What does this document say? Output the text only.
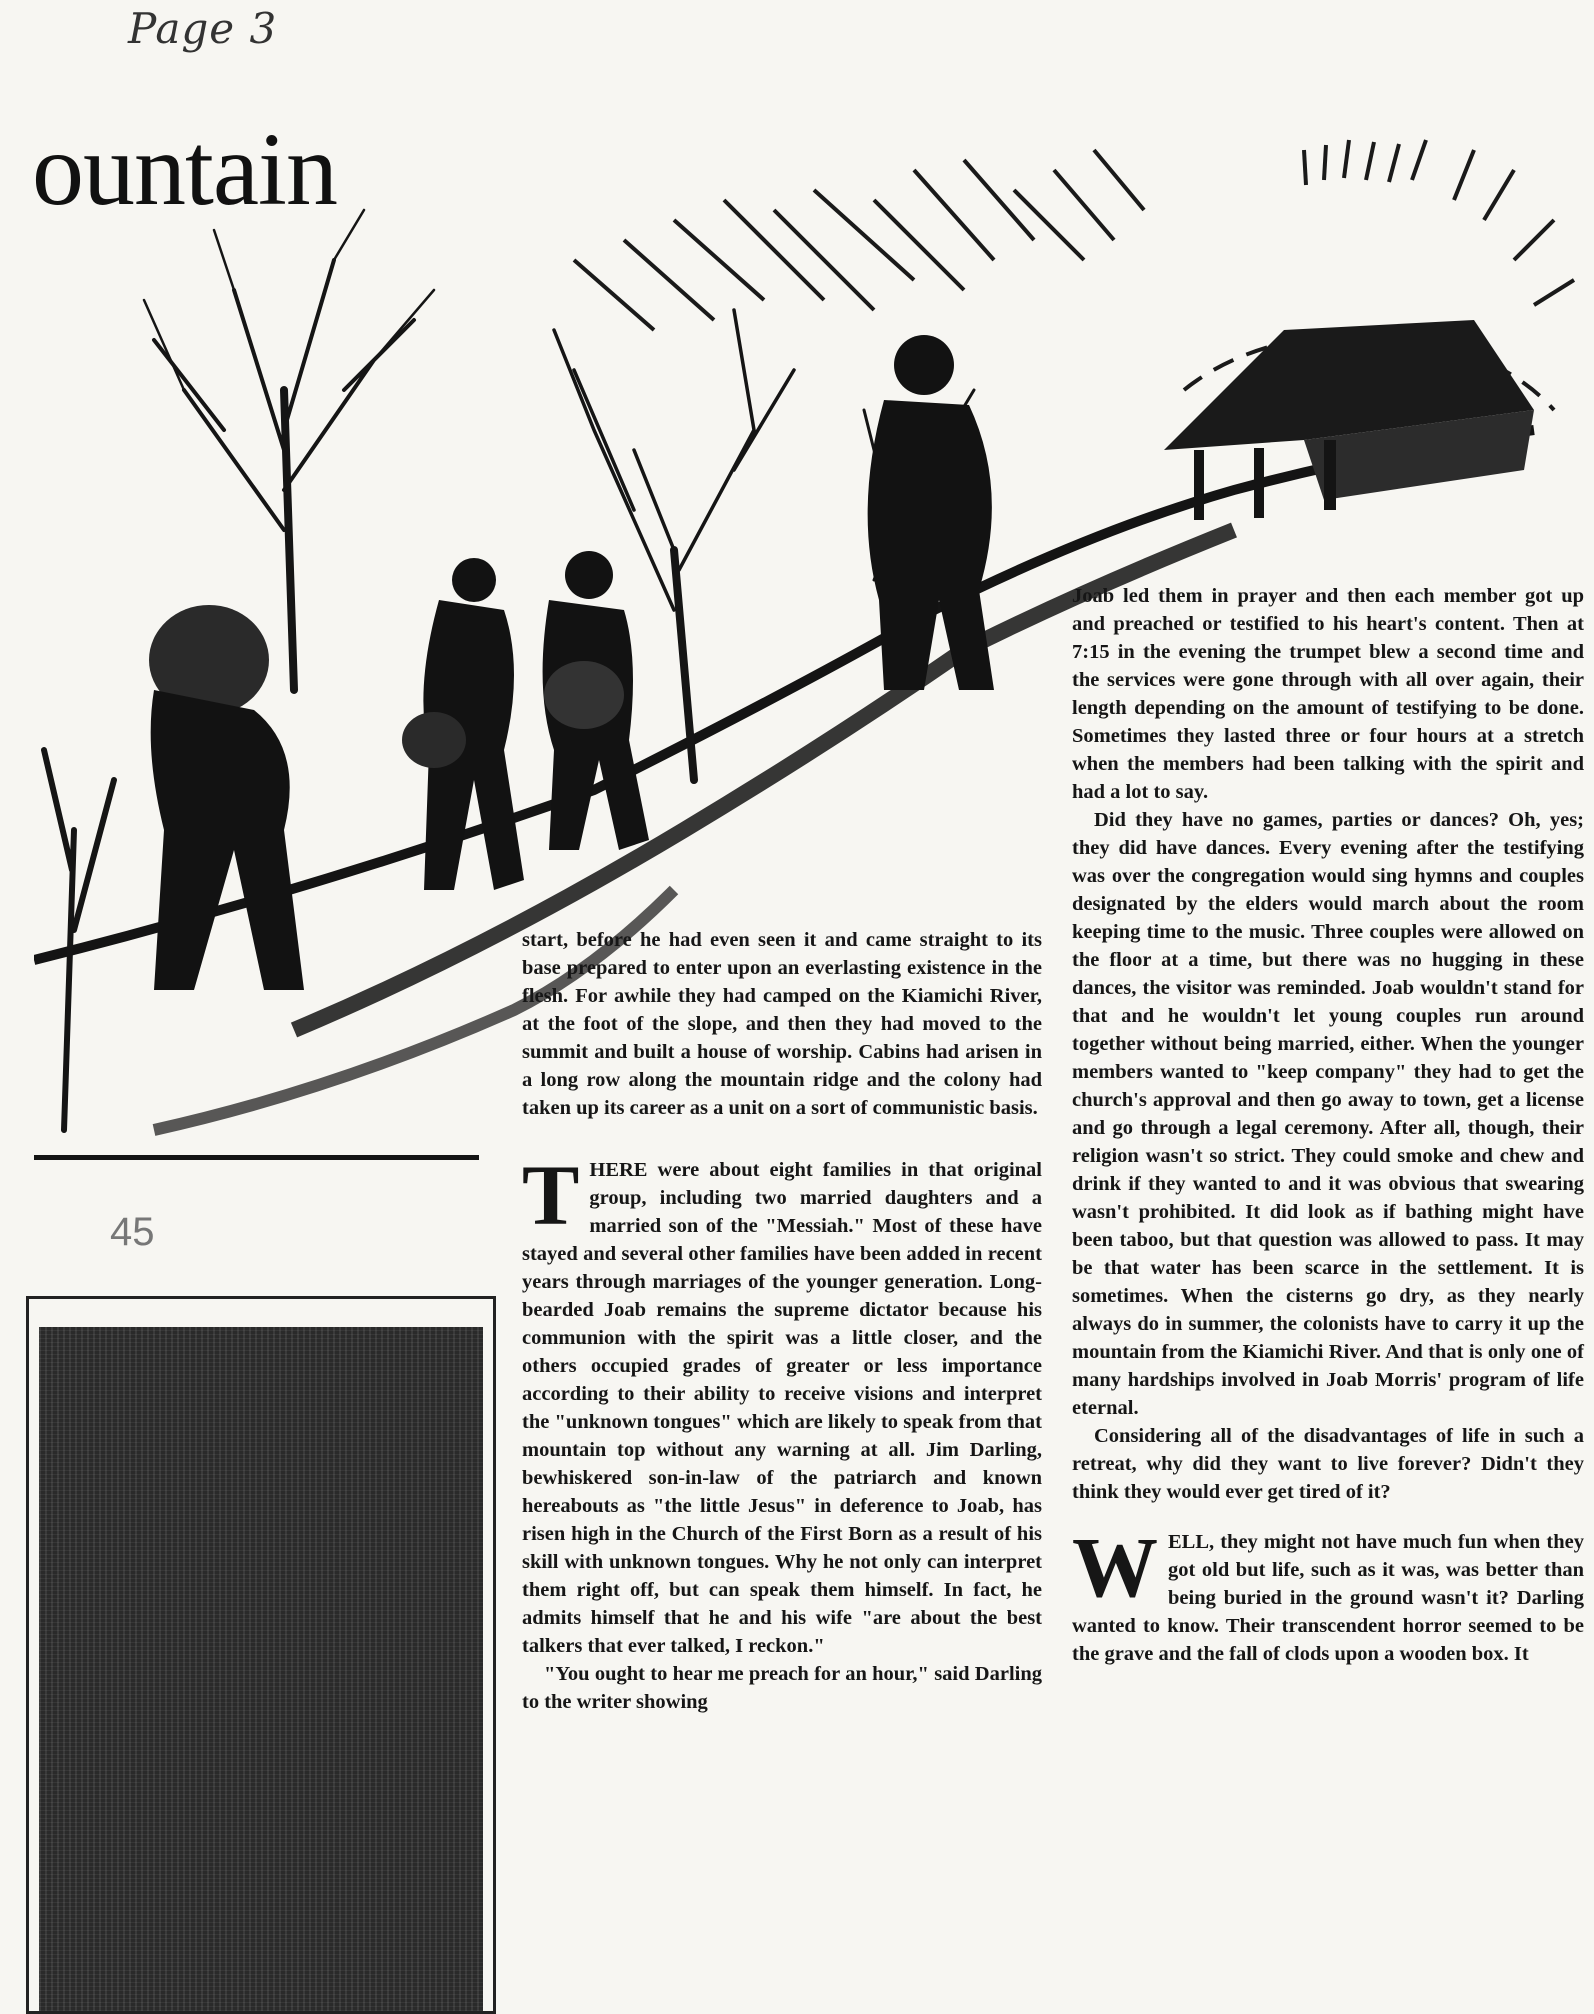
Page 3
ountain
45

start, before he had even seen it and came straight to its base prepared to enter upon an everlasting existence in the flesh. For awhile they had camped on the Kiamichi River, at the foot of the slope, and then they had moved to the summit and built a house of worship. Cabins had arisen in a long row along the mountain ridge and the colony had taken up its career as a unit on a sort of communistic basis.

THERE were about eight families in that original group, including two married daughters and a married son of the "Messiah." Most of these have stayed and several other families have been added in recent years through marriages of the younger generation. Long-bearded Joab remains the supreme dictator because his communion with the spirit was a little closer, and the others occupied grades of greater or less importance according to their ability to receive visions and interpret the "unknown tongues" which are likely to speak from that mountain top without any warning at all. Jim Darling, bewhiskered son-in-law of the patriarch and known hereabouts as "the little Jesus" in deference to Joab, has risen high in the Church of the First Born as a result of his skill with unknown tongues. Why he not only can interpret them right off, but can speak them himself. In fact, he admits himself that he and his wife "are about the best talkers that ever talked, I reckon."

"You ought to hear me preach for an hour," said Darling to the writer showing

Joab led them in prayer and then each member got up and preached or testified to his heart's content. Then at 7:15 in the evening the trumpet blew a second time and the services were gone through with all over again, their length depending on the amount of testifying to be done. Sometimes they lasted three or four hours at a stretch when the members had been talking with the spirit and had a lot to say.

Did they have no games, parties or dances? Oh, yes; they did have dances. Every evening after the testifying was over the congregation would sing hymns and couples designated by the elders would march about the room keeping time to the music. Three couples were allowed on the floor at a time, but there was no hugging in these dances, the visitor was reminded. Joab wouldn't stand for that and he wouldn't let young couples run around together without being married, either. When the younger members wanted to "keep company" they had to get the church's approval and then go away to town, get a license and go through a legal ceremony. After all, though, their religion wasn't so strict. They could smoke and chew and drink if they wanted to and it was obvious that swearing wasn't prohibited. It did look as if bathing might have been taboo, but that question was allowed to pass. It may be that water has been scarce in the settlement. It is sometimes. When the cisterns go dry, as they nearly always do in summer, the colonists have to carry it up the mountain from the Kiamichi River. And that is only one of many hardships involved in Joab Morris' program of life eternal.

Considering all of the disadvantages of life in such a retreat, why did they want to live forever? Didn't they think they would ever get tired of it?

WELL, they might not have much fun when they got old but life, such as it was, was better than being buried in the ground wasn't it? Darling wanted to know. Their transcendent horror seemed to be the grave and the fall of clods upon a wooden box. It
